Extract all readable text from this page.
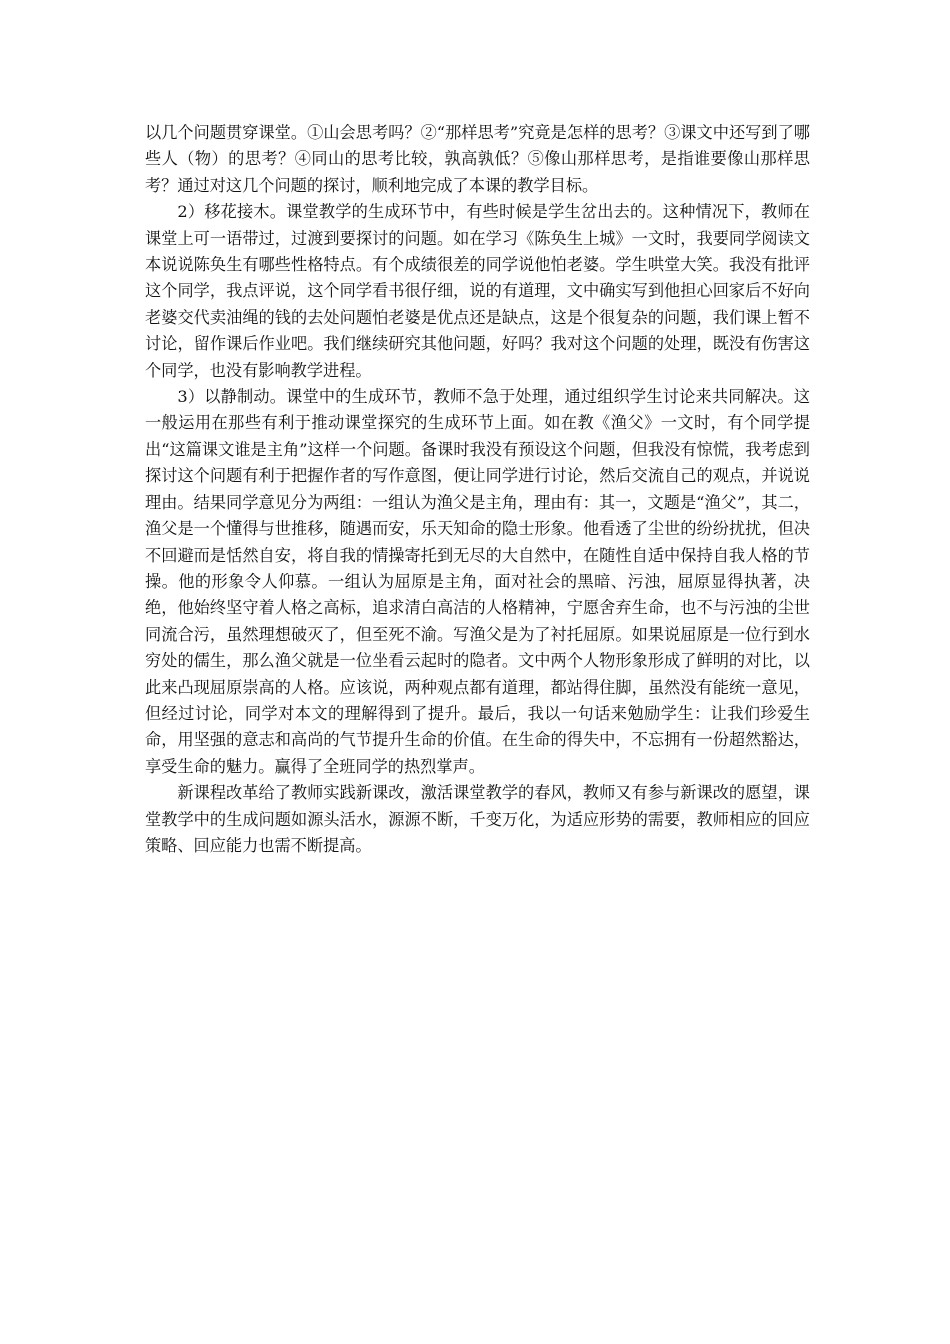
以几个问题贯穿课堂。①山会思考吗？②“那样思考”究竟是怎样的思考？③课文中还写到了哪些人（物）的思考？④同山的思考比较，孰高孰低？⑤像山那样思考，是指谁要像山那样思考？通过对这几个问题的探讨，顺利地完成了本课的教学目标。

2）移花接木。课堂教学的生成环节中，有些时候是学生岔出去的。这种情况下，教师在课堂上可一语带过，过渡到要探讨的问题。如在学习《陈奂生上城》一文时，我要同学阅读文本说说陈奂生有哪些性格特点。有个成绩很差的同学说他怕老婆。学生哄堂大笑。我没有批评这个同学，我点评说，这个同学看书很仔细，说的有道理，文中确实写到他担心回家后不好向老婆交代卖油绳的钱的去处问题怕老婆是优点还是缺点，这是个很复杂的问题，我们课上暂不讨论，留作课后作业吧。我们继续研究其他问题，好吗？我对这个问题的处理，既没有伤害这个同学，也没有影响教学进程。

3）以静制动。课堂中的生成环节，教师不急于处理，通过组织学生讨论来共同解决。这一般运用在那些有利于推动课堂探究的生成环节上面。如在教《渔父》一文时，有个同学提出“这篇课文谁是主角”这样一个问题。备课时我没有预设这个问题，但我没有惊慌，我考虑到探讨这个问题有利于把握作者的写作意图，便让同学进行讨论，然后交流自己的观点，并说说理由。结果同学意见分为两组：一组认为渔父是主角，理由有：其一，文题是“渔父”，其二，渔父是一个懂得与世推移，随遇而安，乐天知命的隐士形象。他看透了尘世的纷纷扰扰，但决不回避而是恬然自安，将自我的情操寄托到无尽的大自然中，在随性自适中保持自我人格的节操。他的形象令人仰慕。一组认为屈原是主角，面对社会的黑暗、污浊，屈原显得执著，决绝，他始终坚守着人格之高标，追求清白高洁的人格精神，宁愿舍弃生命，也不与污浊的尘世同流合污，虽然理想破灭了，但至死不渝。写渔父是为了衬托屈原。如果说屈原是一位行到水穷处的儒生，那么渔父就是一位坐看云起时的隐者。文中两个人物形象形成了鲜明的对比，以此来凸现屈原崇高的人格。应该说，两种观点都有道理，都站得住脚，虽然没有能统一意见，但经过讨论，同学对本文的理解得到了提升。最后，我以一句话来勉励学生：让我们珍爱生命，用坚强的意志和高尚的气节提升生命的价值。在生命的得失中，不忘拥有一份超然豁达，享受生命的魅力。赢得了全班同学的热烈掌声。

新课程改革给了教师实践新课改，激活课堂教学的春风，教师又有参与新课改的愿望，课堂教学中的生成问题如源头活水，源源不断，千变万化，为适应形势的需要，教师相应的回应策略、回应能力也需不断提高。
